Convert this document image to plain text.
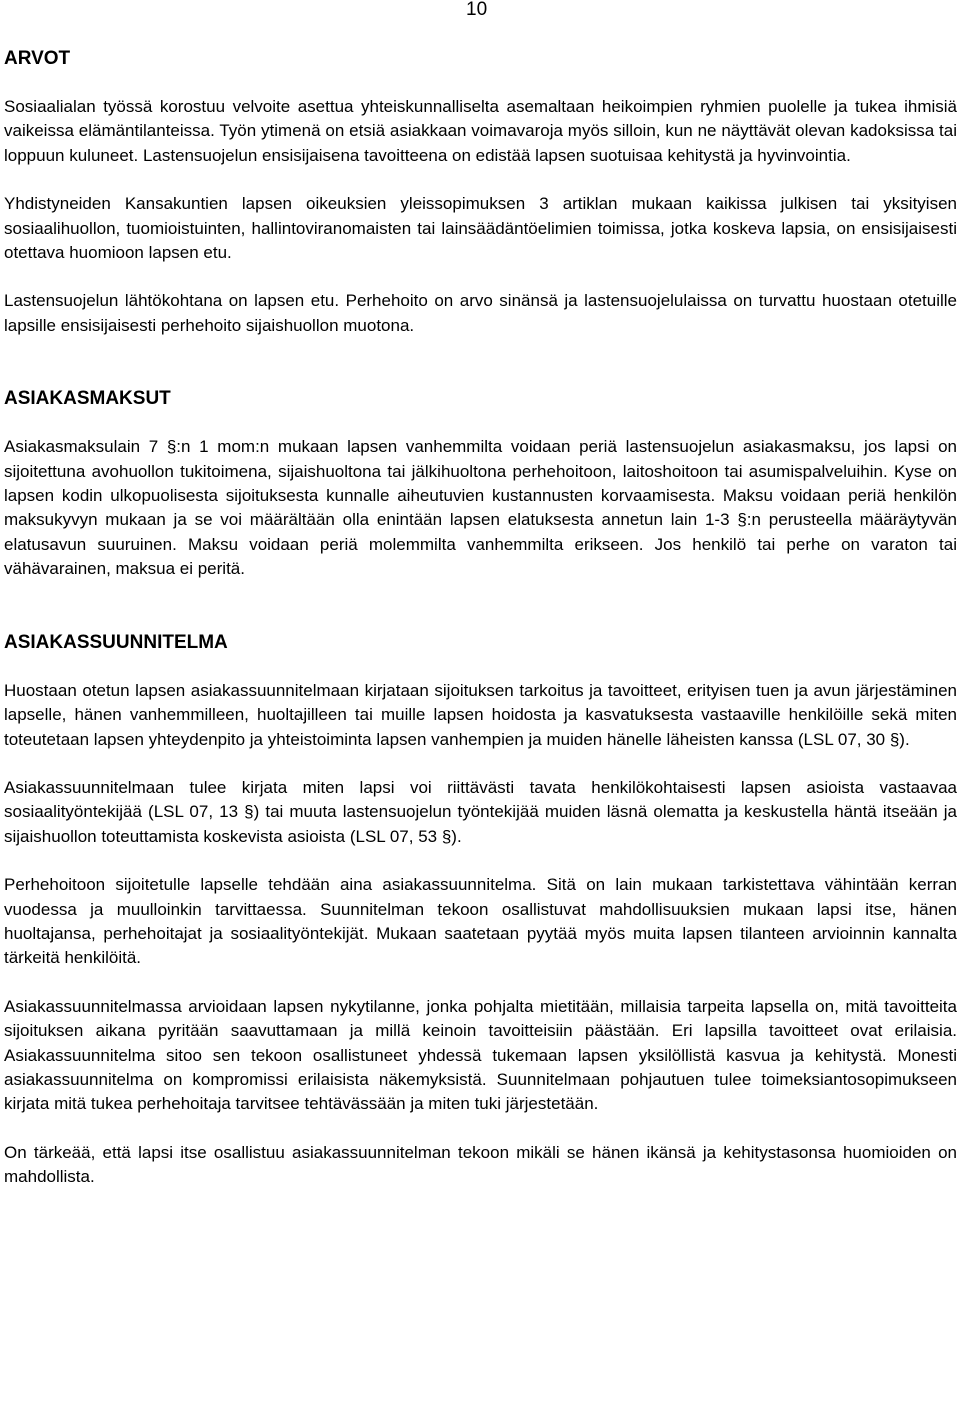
10
ARVOT

Sosiaalialan työssä korostuu velvoite asettua yhteiskunnalliselta asemaltaan heikoimpien ryhmien puolelle ja tukea ihmisiä vaikeissa elämäntilanteissa. Työn ytimenä on etsiä asiakkaan voimavaroja myös silloin, kun ne näyttävät olevan kadoksissa tai loppuun kuluneet. Lastensuojelun ensisijaisena tavoitteena on edistää lapsen suotuisaa kehitystä ja hyvinvointia.

Yhdistyneiden Kansakuntien lapsen oikeuksien yleissopimuksen 3 artiklan mukaan kaikissa julkisen tai yksityisen sosiaalihuollon, tuomioistuinten, hallintoviranomaisten tai lainsäädäntöelimien toimissa, jotka koskeva lapsia, on ensisijaisesti otettava huomioon lapsen etu.

Lastensuojelun lähtökohtana on lapsen etu. Perhehoito on arvo sinänsä ja lastensuojelulaissa on turvattu huostaan otetuille lapsille ensisijaisesti perhehoito sijaishuollon muotona.

ASIAKASMAKSUT

Asiakasmaksulain 7 §:n 1 mom:n mukaan lapsen vanhemmilta voidaan periä lastensuojelun asiakasmaksu, jos lapsi on sijoitettuna avohuollon tukitoimena, sijaishuoltona tai jälkihuoltona perhehoitoon, laitoshoitoon tai asumispalveluihin. Kyse on lapsen kodin ulkopuolisesta sijoituksesta kunnalle aiheutuvien kustannusten korvaamisesta. Maksu voidaan periä henkilön maksukyvyn mukaan ja se voi määrältään olla enintään lapsen elatuksesta annetun lain 1-3 §:n perusteella määräytyvän elatusavun suuruinen. Maksu voidaan periä molemmilta vanhemmilta erikseen. Jos henkilö tai perhe on varaton tai vähävarainen, maksua ei peritä.

ASIAKASSUUNNITELMA

Huostaan otetun lapsen asiakassuunnitelmaan kirjataan sijoituksen tarkoitus ja tavoitteet, erityisen tuen ja avun järjestäminen lapselle, hänen vanhemmilleen, huoltajilleen tai muille lapsen hoidosta ja kasvatuksesta vastaaville henkilöille sekä miten toteutetaan lapsen yhteydenpito ja yhteistoiminta lapsen vanhempien ja muiden hänelle läheisten kanssa (LSL 07, 30 §).

Asiakassuunnitelmaan tulee kirjata miten lapsi voi riittävästi tavata henkilökohtaisesti lapsen asioista vastaavaa sosiaalityöntekijää (LSL 07, 13 §) tai muuta lastensuojelun työntekijää muiden läsnä olematta ja keskustella häntä itseään ja sijaishuollon toteuttamista koskevista asioista (LSL 07, 53 §).

Perhehoitoon sijoitetulle lapselle tehdään aina asiakassuunnitelma. Sitä on lain mukaan tarkistettava vähintään kerran vuodessa ja muulloinkin tarvittaessa. Suunnitelman tekoon osallistuvat mahdollisuuksien mukaan lapsi itse, hänen huoltajansa, perhehoitajat ja sosiaalityöntekijät. Mukaan saatetaan pyytää myös muita lapsen tilanteen arvioinnin kannalta tärkeitä henkilöitä.

Asiakassuunnitelmassa arvioidaan lapsen nykytilanne, jonka pohjalta mietitään, millaisia tarpeita lapsella on, mitä tavoitteita sijoituksen aikana pyritään saavuttamaan ja millä keinoin tavoitteisiin päästään. Eri lapsilla tavoitteet ovat erilaisia. Asiakassuunnitelma sitoo sen tekoon osallistuneet yhdessä tukemaan lapsen yksilöllistä kasvua ja kehitystä. Monesti asiakassuunnitelma on kompromissi erilaisista näkemyksistä. Suunnitelmaan pohjautuen tulee toimeksiantosopimukseen kirjata mitä tukea perhehoitaja tarvitsee tehtävässään ja miten tuki järjestetään.

On tärkeää, että lapsi itse osallistuu asiakassuunnitelman tekoon mikäli se hänen ikänsä ja kehitystasonsa huomioiden on mahdollista.
